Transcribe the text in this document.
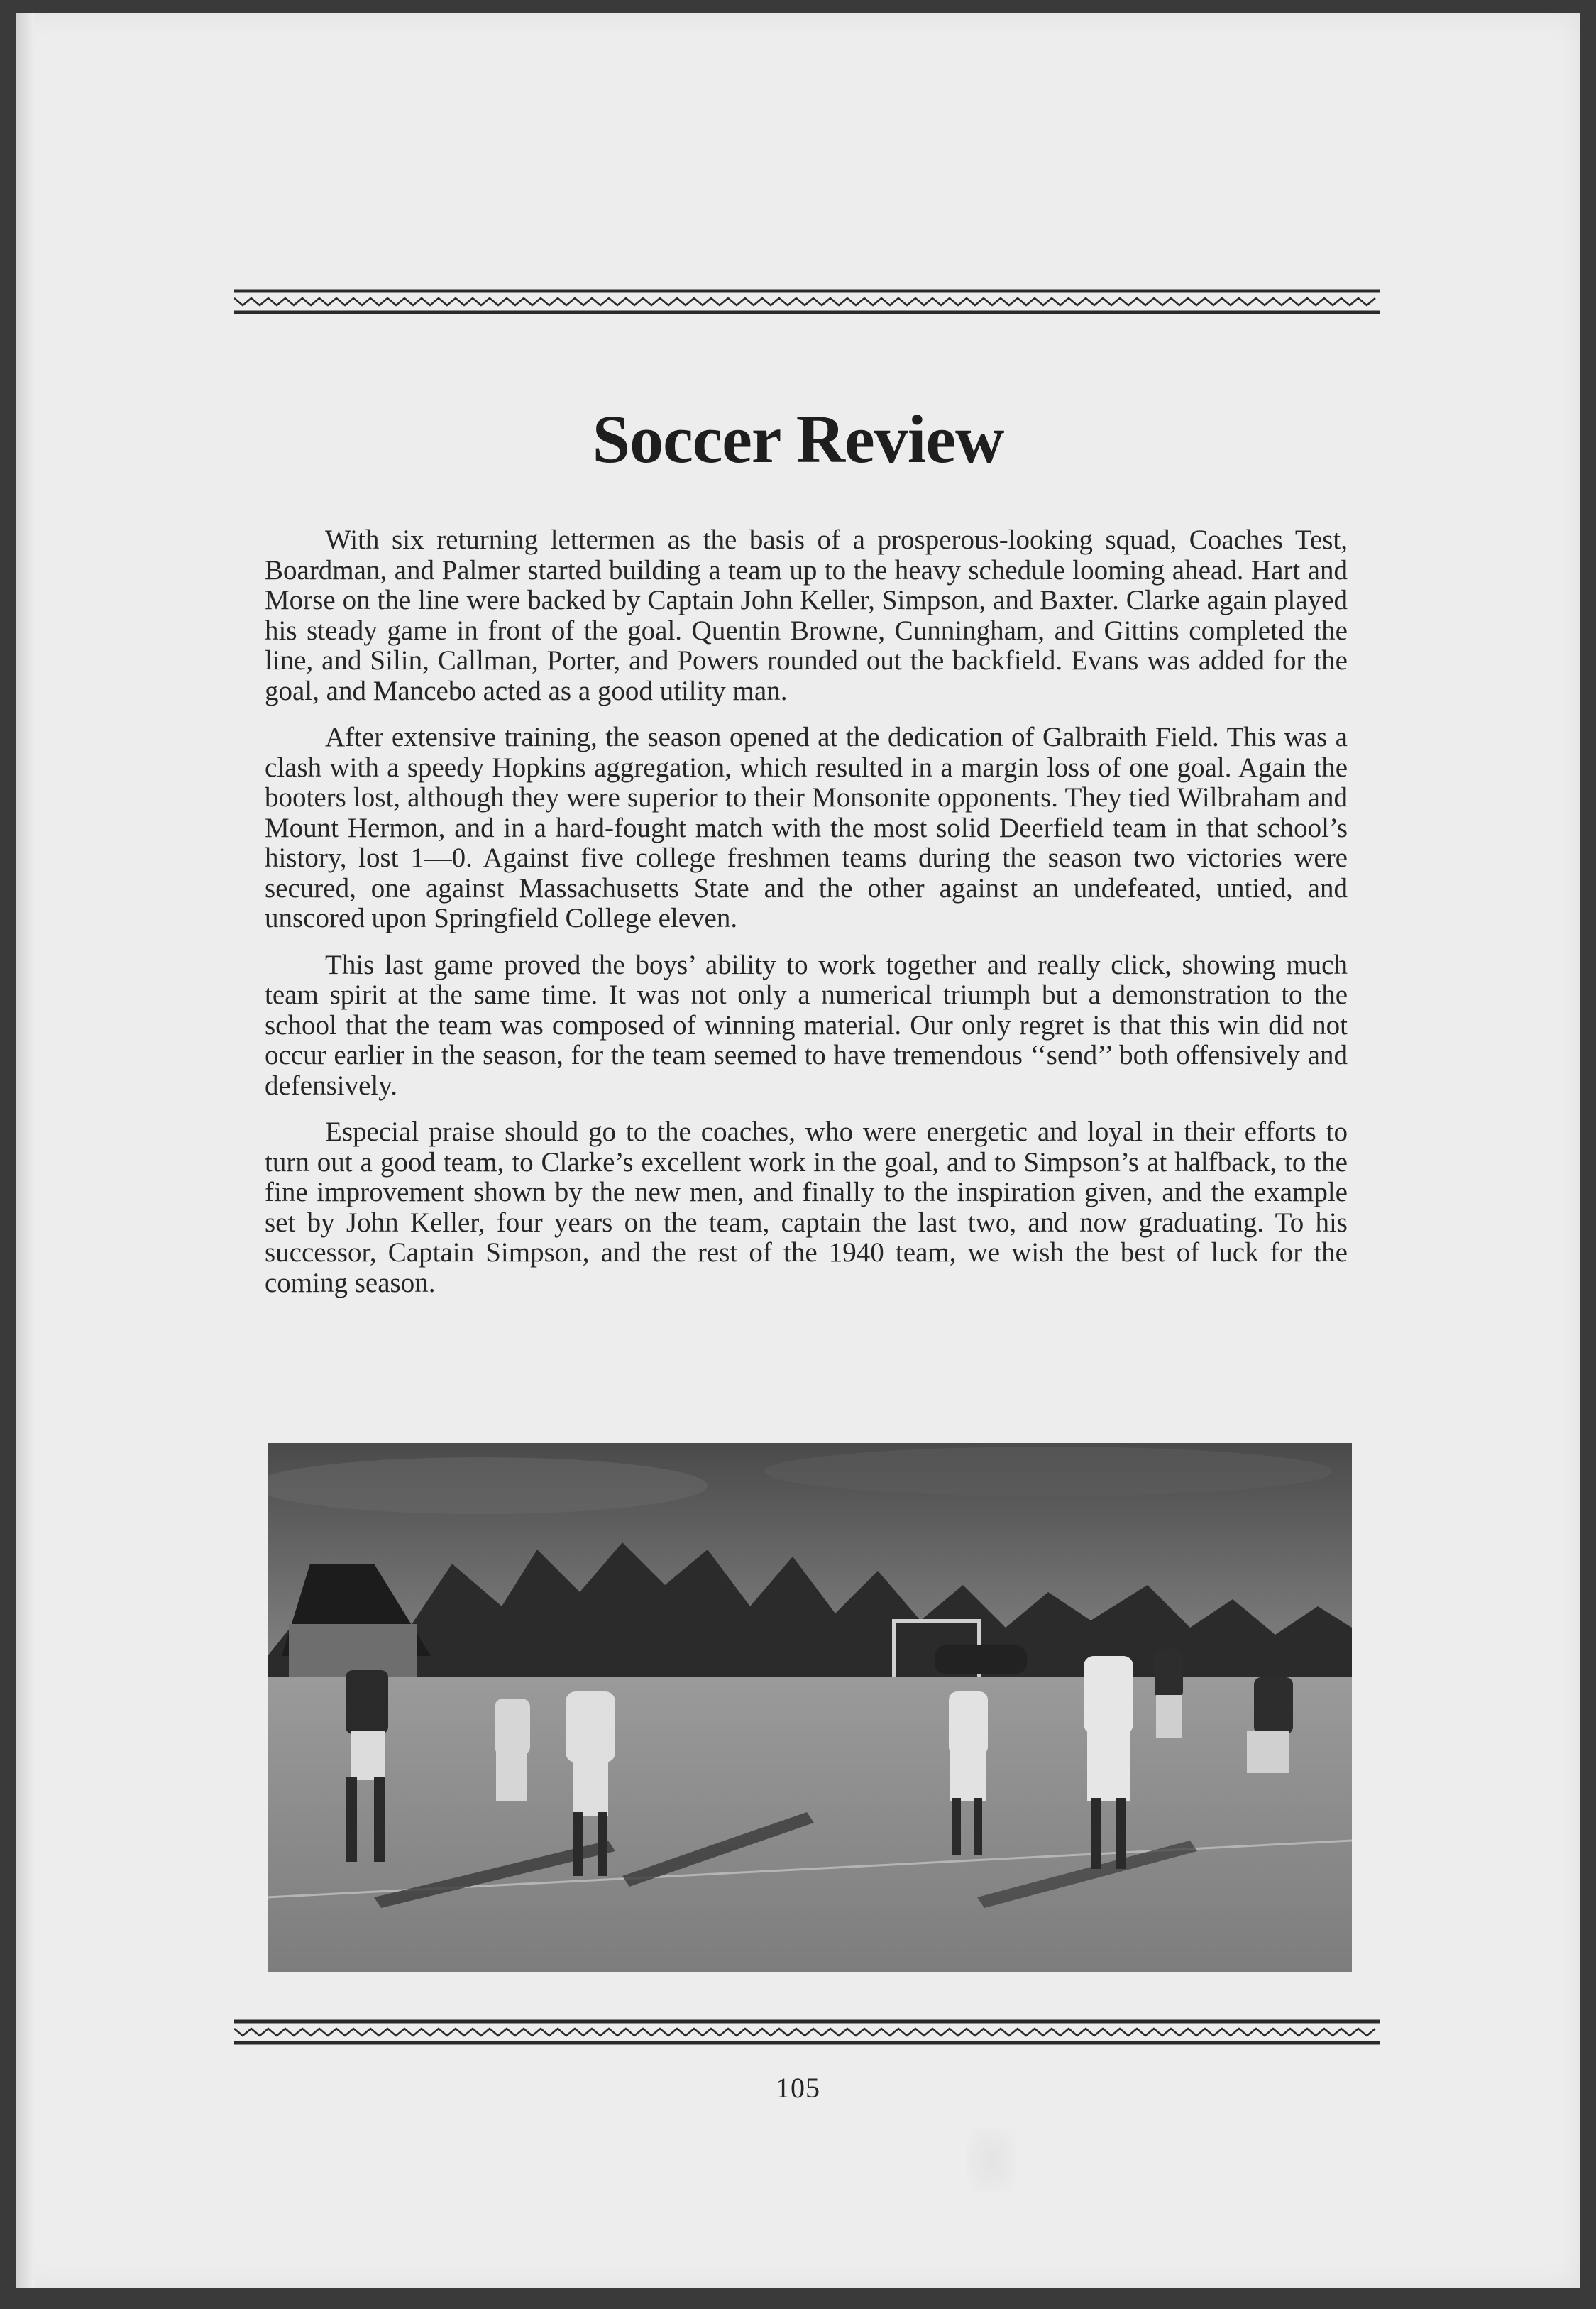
Soccer Review

With six returning lettermen as the basis of a prosperous-looking squad, Coaches Test, Boardman, and Palmer started building a team up to the heavy schedule looming ahead. Hart and Morse on the line were backed by Captain John Keller, Simpson, and Baxter. Clarke again played his steady game in front of the goal. Quentin Browne, Cunningham, and Gittins completed the line, and Silin, Callman, Porter, and Powers rounded out the backfield. Evans was added for the goal, and Mancebo acted as a good utility man.

After extensive training, the season opened at the dedication of Galbraith Field. This was a clash with a speedy Hopkins aggregation, which resulted in a margin loss of one goal. Again the booters lost, although they were superior to their Monsonite opponents. They tied Wilbraham and Mount Hermon, and in a hard-fought match with the most solid Deerfield team in that school’s history, lost 1—0. Against five college freshmen teams during the season two victories were secured, one against Massachusetts State and the other against an undefeated, untied, and unscored upon Springfield College eleven.

This last game proved the boys’ ability to work together and really click, showing much team spirit at the same time. It was not only a numerical triumph but a demonstration to the school that the team was composed of winning material. Our only regret is that this win did not occur earlier in the season, for the team seemed to have tremendous ‘‘send’’ both offensively and defensively.

Especial praise should go to the coaches, who were energetic and loyal in their efforts to turn out a good team, to Clarke’s excellent work in the goal, and to Simpson’s at halfback, to the fine improvement shown by the new men, and finally to the inspiration given, and the example set by John Keller, four years on the team, captain the last two, and now graduating. To his successor, Captain Simpson, and the rest of the 1940 team, we wish the best of luck for the coming season.

105
